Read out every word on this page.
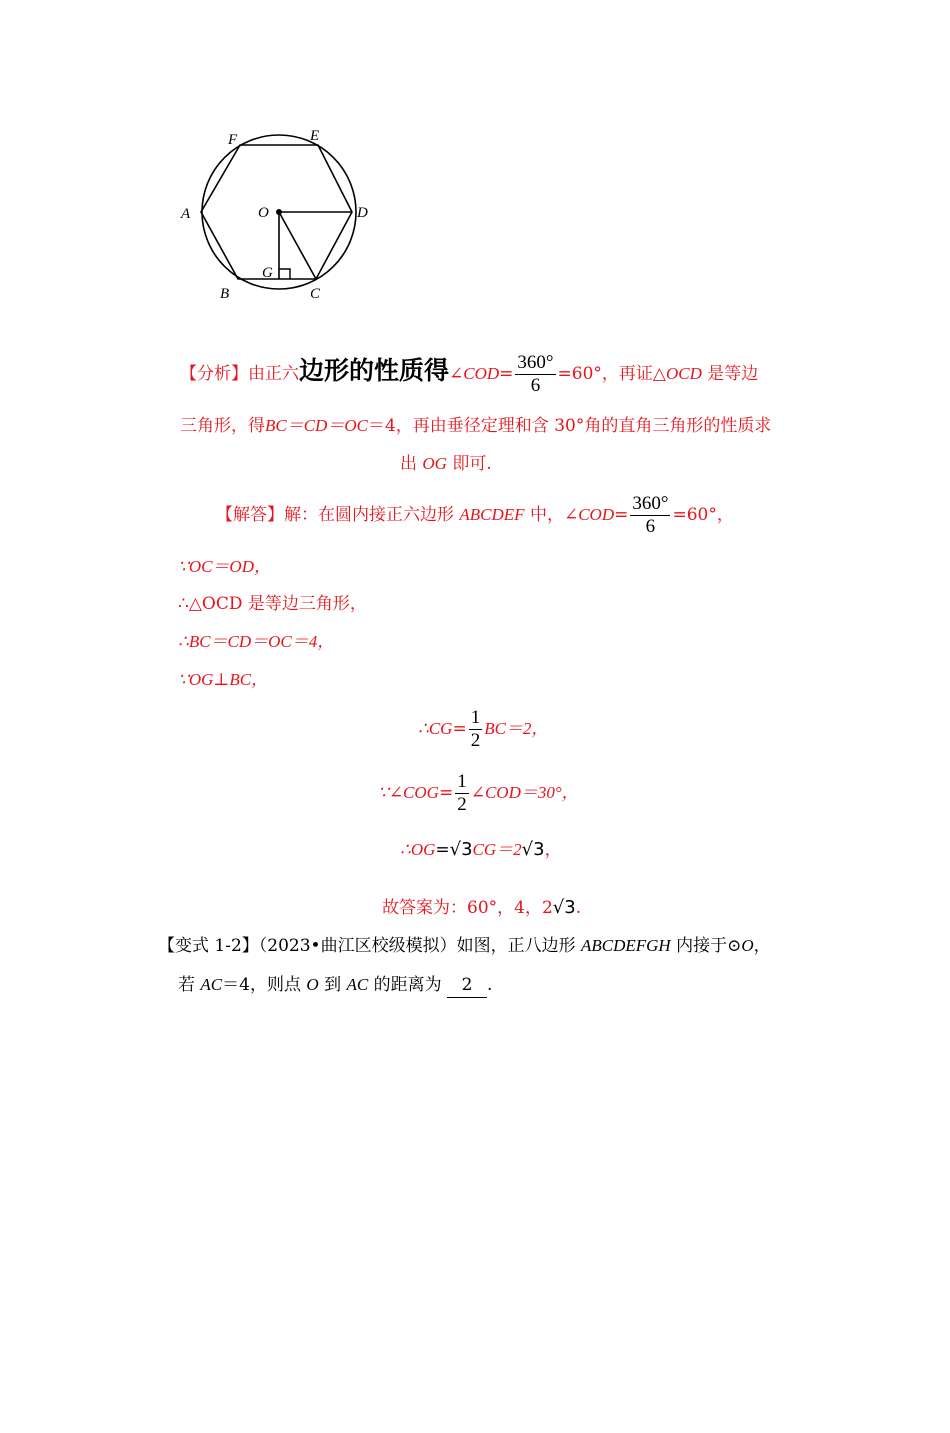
A
B	C
D
E
F
O
G
【分析】由正六边形的性质得∠COD= $\frac{360^\circ}{6} =60^\circ$，再证△OCD 是等边
三角形，得BC＝CD＝OC＝4，再由垂径定理和含 30°角的直角三角形的性质求
出 OG 即可.
【解答】解：在圆内接正六边形 ABCDEF 中，∠COD= $\frac{360^\circ}{6} =60^\circ$，
∵OC＝OD，
∴△OCD 是等边三角形，
∴BC＝CD＝OC＝4，
∵OG⊥BC，
∴CG= $\frac{1}{2} BC=2$，
∵∠COG= $\frac{1}{2}$ ∠COD＝30°，
∴OG=√3CG＝2√3，
故答案为：60°，4，2√3.
【变式 1-2】（2023•曲江区校级模拟）如图，正八边形 ABCDEFGH 内接于⊙O，
若 AC＝4，则点 O 到 AC 的距离为 2 .
